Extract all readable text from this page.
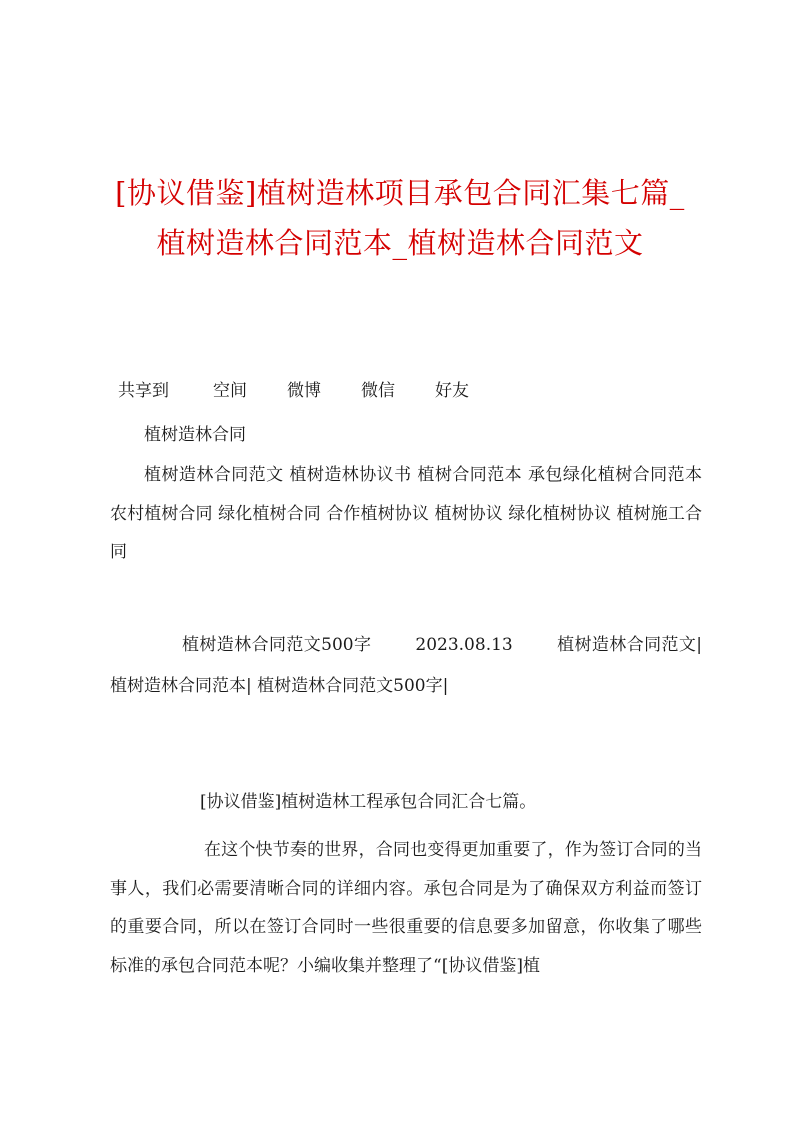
[协议借鉴]植树造林项目承包合同汇集七篇_
植树造林合同范本_植树造林合同范文
共享到	空间 微博 微信 好友
植树造林合同
植树造林合同范文 植树造林协议书 植树合同范本 承包绿化植树合同范本 农村植树合同 绿化植树合同 合作植树协议 植树协议 绿化植树协议 植树施工合同
植树造林合同范文500字	2023.08.13	植树造林合同范文| 植树造林合同范本| 植树造林合同范文500字|
[协议借鉴]植树造林工程承包合同汇合七篇。
在这个快节奏的世界，合同也变得更加重要了，作为签订合同的当事人，我们必需要清晰合同的详细内容。承包合同是为了确保双方利益而签订的重要合同，所以在签订合同时一些很重要的信息要多加留意，你收集了哪些标准的承包合同范本呢？小编收集并整理了“[协议借鉴]植
